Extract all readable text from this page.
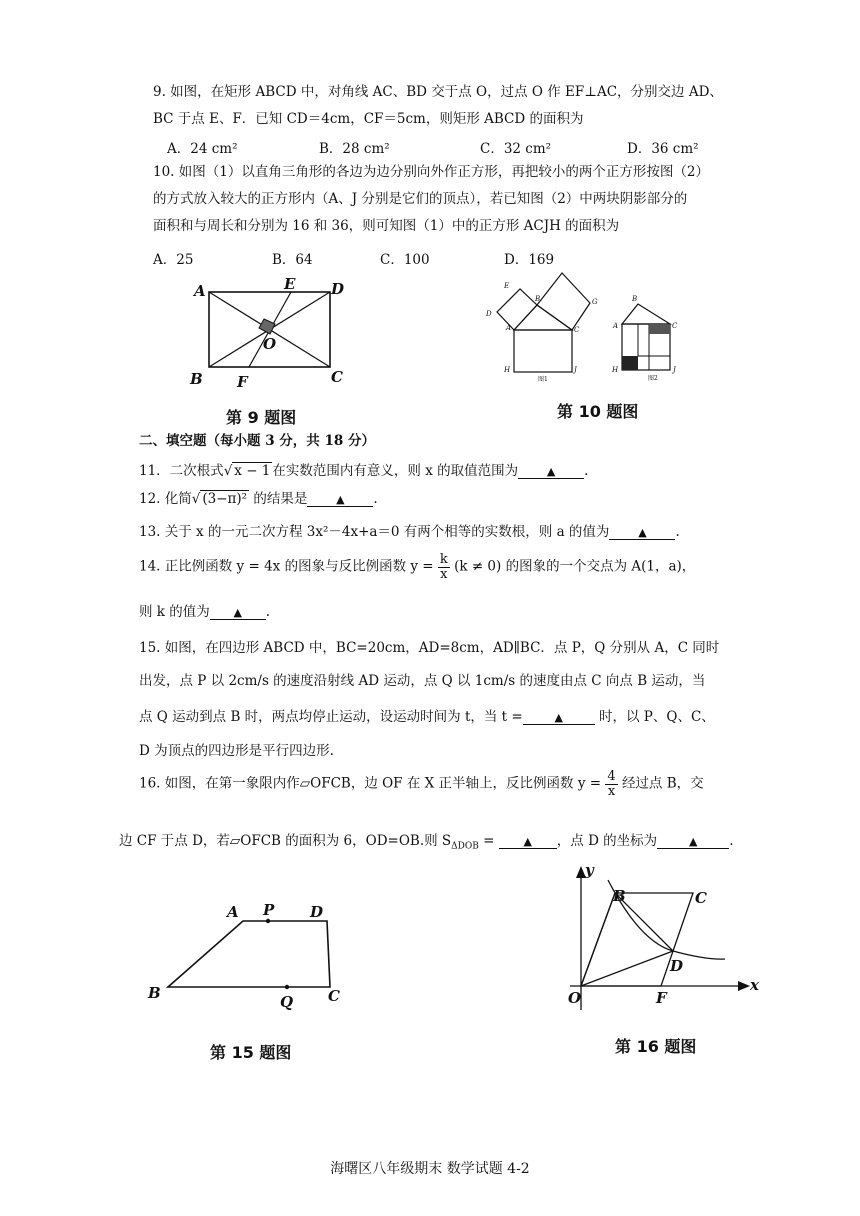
9. 如图，在矩形 ABCD 中，对角线 AC、BD 交于点 O，过点 O 作 EF⊥AC，分别交边 AD、
BC 于点 E、F．已知 CD＝4cm，CF＝5cm，则矩形 ABCD 的面积为
A．24 cm²	B．28 cm²	C．32 cm²	D．36 cm²
10. 如图（1）以直角三角形的各边为边分别向外作正方形，再把较小的两个正方形按图（2）
的方式放入较大的正方形内（A、J 分别是它们的顶点），若已知图（2）中两块阴影部分的
面积和与周长和分别为 16 和 36，则可知图（1）中的正方形 ACJH 的面积为
A．25	B．64	C．100	D．169
A	E D
O
B F	C
第 9 题图
E
B
D
A	C
G
H	J
图1
B
A	C
H	J
图2
第 10 题图
二、填空题（每小题 3 分，共 18 分）
11．二次根式√ x − 1 在实数范围内有意义，则 x 的取值范围为	▲ .
12. 化简√ (3−π)² 的结果是	▲ .
13. 关于 x 的一元二次方程 3x²－4x+a＝0 有两个相等的实数根，则 a 的值为	▲ .
14. 正比例函数 y = 4x 的图象与反比例函数 $y = \frac{k}{x} (k \ne 0)$ 的图象的一个交点为 A(1，a)，
则 k 的值为 ▲ .
15. 如图，在四边形 ABCD 中，BC=20cm，AD=8cm，AD∥BC．点 P，Q 分别从 A，C 同时
出发，点 P 以 2cm/s 的速度沿射线 AD 运动，点 Q 以 1cm/s 的速度由点 C 向点 B 运动，当
点 Q 运动到点 B 时，两点均停止运动，设运动时间为 t，当 t =	▲	时，以 P、Q、C、
D 为顶点的四边形是平行四边形.
16. 如图，在第一象限内作▱OFCB，边 OF 在 X 正半轴上，反比例函数 $y = \frac{4}{x}$ 经过点 B，交
边 CF 于点 D，若▱OFCB 的面积为 6，OD=OB.则 $S_{\Delta DOB}$ = ▲ ，点 D 的坐标为	▲ .
A P D
B	Q C
第 15 题图
y
B	C
D
O	F
x
第 16 题图
海曙区八年级期末 数学试题 4-2
